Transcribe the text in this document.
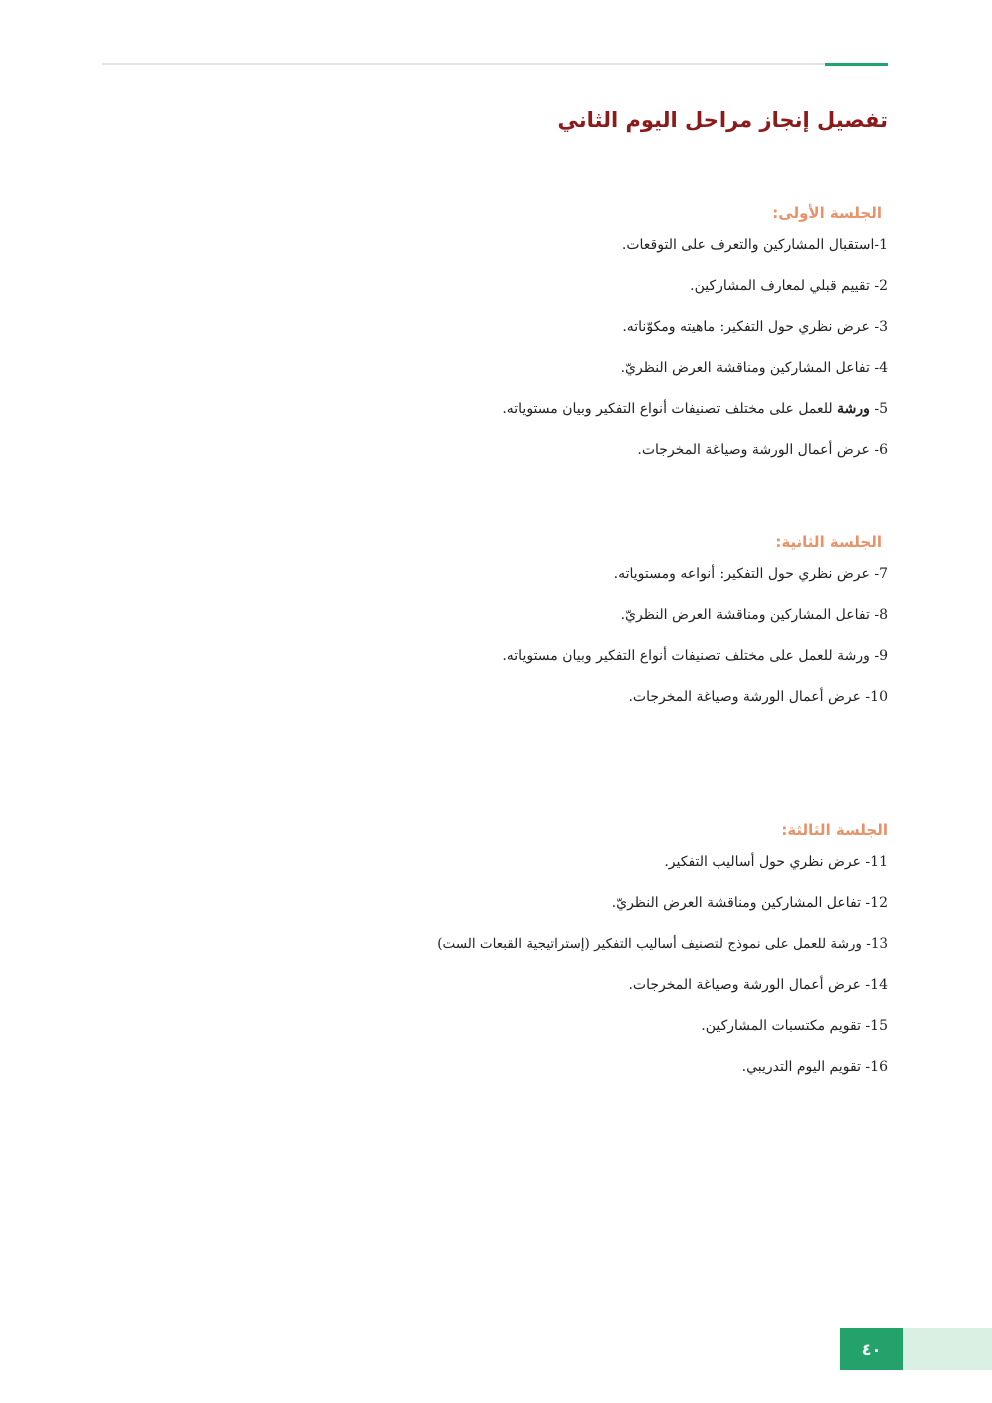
تفصيل إنجاز مراحل اليوم الثاني
الجلسة الأولى:
1-استقبال المشاركين والتعرف على التوقعات.
2- تقييم قبلي لمعارف المشاركين.
3- عرض نظري حول التفكير: ماهيته ومكوّناته.
4- تفاعل المشاركين ومناقشة العرض النظريّ.
5- ورشة للعمل على مختلف تصنيفات أنواع التفكير وبيان مستوياته.
6- عرض أعمال الورشة وصياغة المخرجات.
الجلسة الثانية:
7- عرض نظري حول التفكير: أنواعه ومستوياته.
8- تفاعل المشاركين ومناقشة العرض النظريّ.
9- ورشة للعمل على مختلف تصنيفات أنواع التفكير وبيان مستوياته.
10- عرض أعمال الورشة وصياغة المخرجات.
الجلسة الثالثة:
11- عرض نظري حول أساليب التفكير.
12- تفاعل المشاركين ومناقشة العرض النظريّ.
13- ورشة للعمل على نموذج لتصنيف أساليب التفكير (إستراتيجية القبعات الست)
14- عرض أعمال الورشة وصياغة المخرجات.
15- تقويم مكتسبات المشاركين.
16- تقويم اليوم التدريبي.
٤٠
